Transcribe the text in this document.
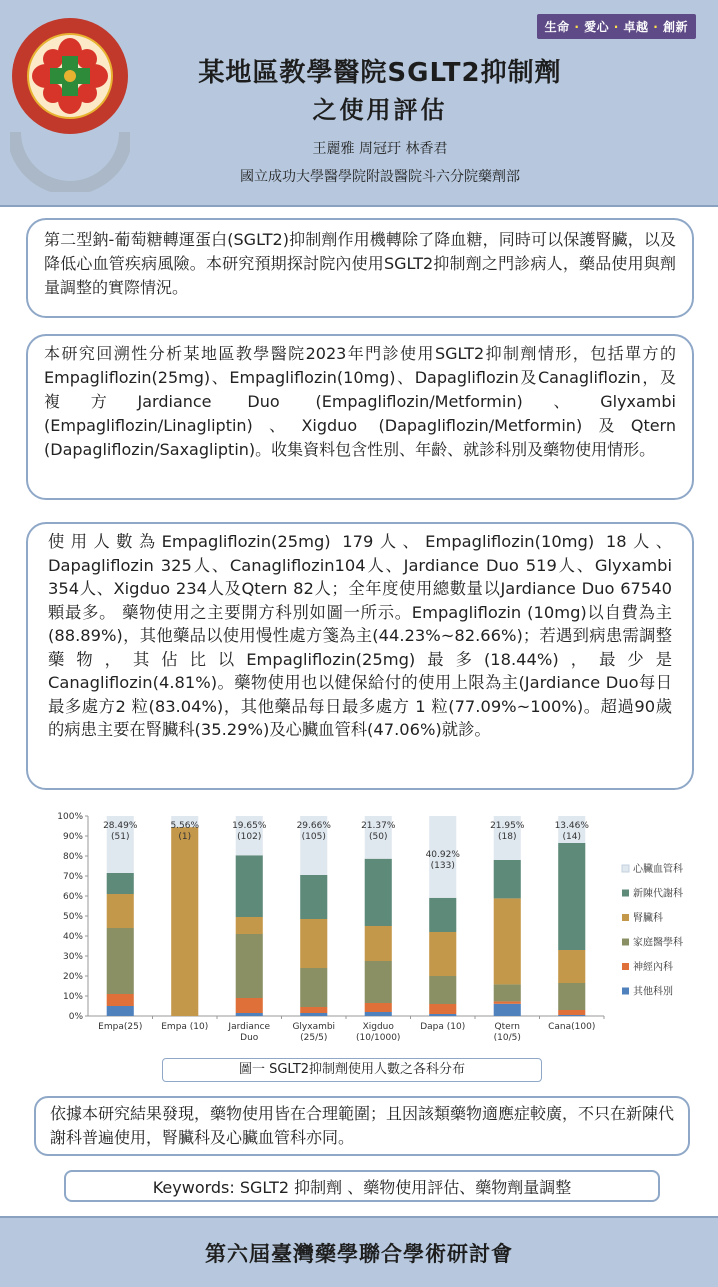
生命 · 愛心 · 卓越 · 創新
某地區教學醫院SGLT2抑制劑
之使用評估
王麗雅 周冠玗 林香君
國立成功大學醫學院附設醫院斗六分院藥劑部
第二型鈉-葡萄糖轉運蛋白(SGLT2)抑制劑作用機轉除了降血糖，同時可以保護腎臟，以及降低心血管疾病風險。本研究預期探討院內使用SGLT2抑制劑之門診病人，藥品使用與劑量調整的實際情況。
本研究回溯性分析某地區教學醫院2023年門診使用SGLT2抑制劑情形，包括單方的Empagliflozin(25mg)、Empagliflozin(10mg)、Dapagliflozin及Canagliflozin，及複方Jardiance Duo (Empagliflozin/Metformin)、Glyxambi (Empagliflozin/Linagliptin)、Xigduo (Dapagliflozin/Metformin)及Qtern (Dapagliflozin/Saxagliptin)。收集資料包含性別、年齡、就診科別及藥物使用情形。
使用人數為Empagliflozin(25mg) 179人、Empagliflozin(10mg) 18人、Dapagliflozin 325人、Canagliflozin104人、Jardiance Duo 519人、Glyxambi 354人、Xigduo 234人及Qtern 82人；全年度使用總數量以Jardiance Duo 67540顆最多。 藥物使用之主要開方科別如圖一所示。Empagliflozin (10mg)以自費為主(88.89%)，其他藥品以使用慢性處方箋為主(44.23%~82.66%)；若遇到病患需調整藥物，其佔比以Empagliflozin(25mg)最多(18.44%)，最少是Canagliflozin(4.81%)。藥物使用也以健保給付的使用上限為主(Jardiance Duo每日最多處方2 粒(83.04%)，其他藥品每日最多處方 1 粒(77.09%~100%)。超過90歲的病患主要在腎臟科(35.29%)及心臟血管科(47.06%)就診。
0%
10%
20%
30%
40%
50%
60%
70%
80%
90%
100%
Empa(25)
28.49%
(51)
Empa (10)
5.56%
(1)
Jardiance
Duo
19.65%
(102)
Glyxambi
(25/5)
29.66%
(105)
Xigduo
(10/1000)
21.37%
(50)
Dapa (10)
40.92%
(133)
Qtern
(10/5)
21.95%
(18)
Cana(100)
13.46%
(14)
心臟血管科
新陳代謝科
腎臟科
家庭醫學科
神經內科
其他科別
圖一 SGLT2抑制劑使用人數之各科分布
依據本研究結果發現，藥物使用皆在合理範圍；且因該類藥物適應症較廣，不只在新陳代謝科普遍使用，腎臟科及心臟血管科亦同。
Keywords: SGLT2 抑制劑 、藥物使用評估、藥物劑量調整
第六屆臺灣藥學聯合學術研討會
